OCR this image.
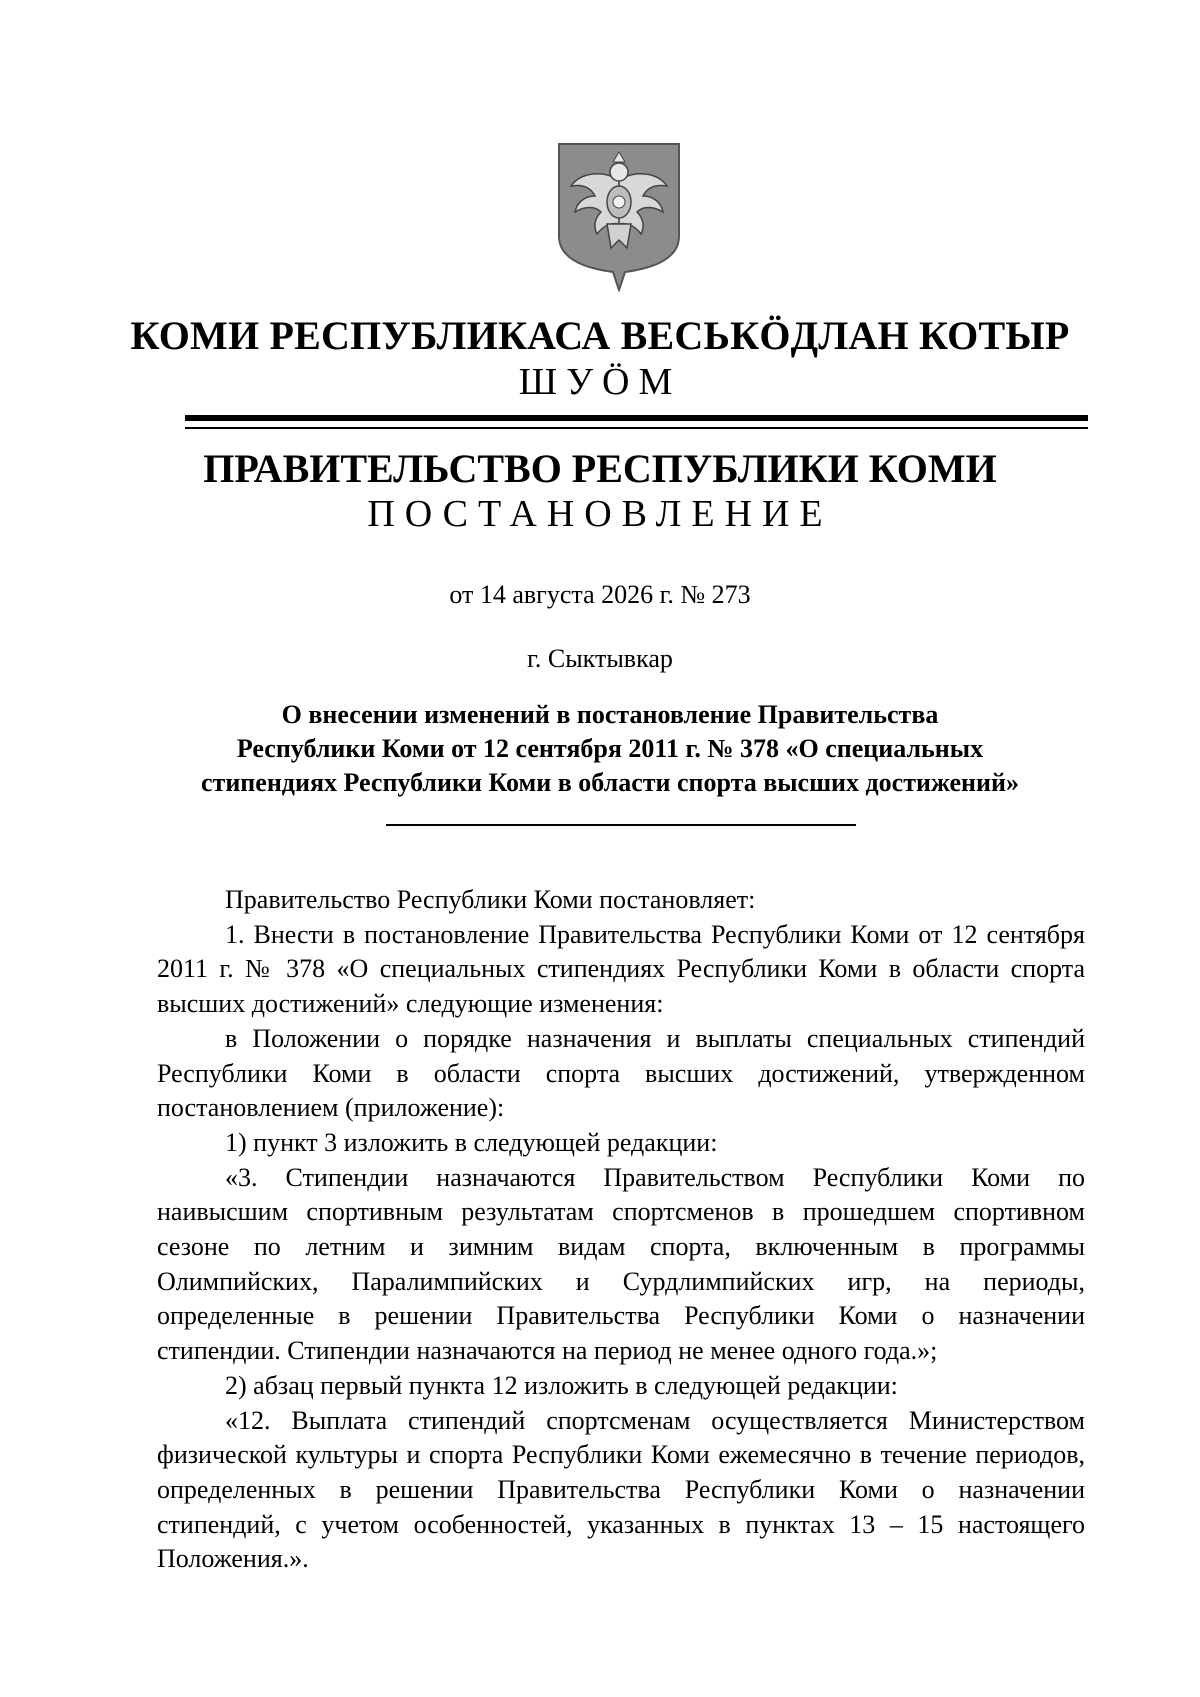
КОМИ РЕСПУБЛИКАСА ВЕСЬКӦДЛАН КОТЫР
ШУӦМ
ПРАВИТЕЛЬСТВО РЕСПУБЛИКИ КОМИ
ПОСТАНОВЛЕНИЕ
от 14 августа 2026 г. № 273
г. Сыктывкар
О внесении изменений в постановление Правительства
Республики Коми от 12 сентября 2011 г. № 378 «О специальных
стипендиях Республики Коми в области спорта высших достижений»

Правительство Республики Коми постановляет:

1. Внести в постановление Правительства Республики Коми от 12 сентября 2011 г. № 378 «О специальных стипендиях Республики Коми в области спорта высших достижений» следующие изменения:

в Положении о порядке назначения и выплаты специальных стипендий Республики Коми в области спорта высших достижений, утвержденном постановлением (приложение):

1) пункт 3 изложить в следующей редакции:

«3. Стипендии назначаются Правительством Республики Коми по наивысшим спортивным результатам спортсменов в прошедшем спортивном сезоне по летним и зимним видам спорта, включенным в программы Олимпийских, Паралимпийских и Сурдлимпийских игр, на периоды, определенные в решении Правительства Республики Коми о назначении стипендии. Стипендии назначаются на период не менее одного года.»;

2) абзац первый пункта 12 изложить в следующей редакции:

«12. Выплата стипендий спортсменам осуществляется Министерством физической культуры и спорта Республики Коми ежемесячно в течение периодов, определенных в решении Правительства Республики Коми о назначении стипендий, с учетом особенностей, указанных в пунктах 13 – 15 настоящего Положения.».
